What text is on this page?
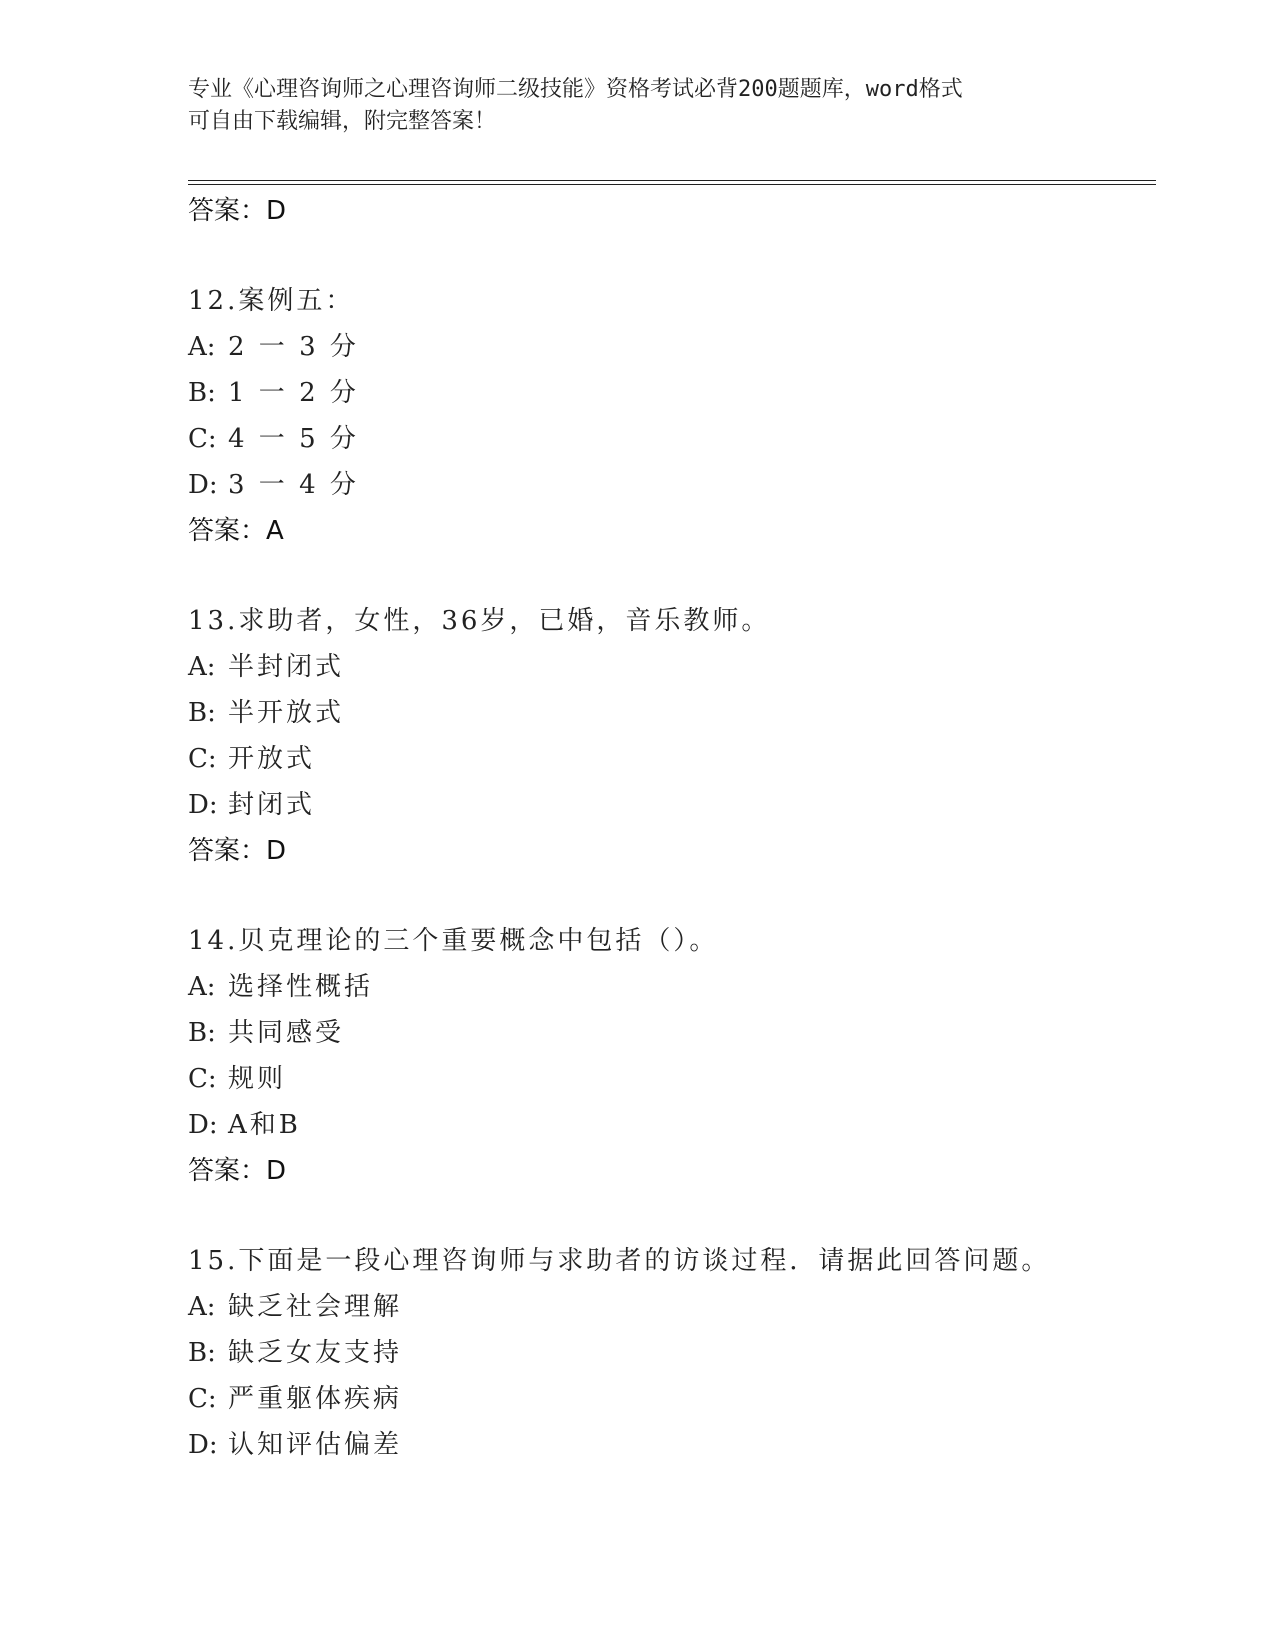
专业《心理咨询师之心理咨询师二级技能》资格考试必背200题题库，word格式
可自由下载编辑，附完整答案！
答案：D
12.案例五：
A: 2 一 3 分
B: 1 一 2 分
C: 4 一 5 分
D: 3 一 4 分
答案：A
13.求助者，女性，36岁，已婚，音乐教师。
A: 半封闭式
B: 半开放式
C: 开放式
D: 封闭式
答案：D
14.贝克理论的三个重要概念中包括（）。
A: 选择性概括
B: 共同感受
C: 规则
D: A和B
答案：D
15.下面是一段心理咨询师与求助者的访谈过程．请据此回答问题。
A: 缺乏社会理解
B: 缺乏女友支持
C: 严重躯体疾病
D: 认知评估偏差
